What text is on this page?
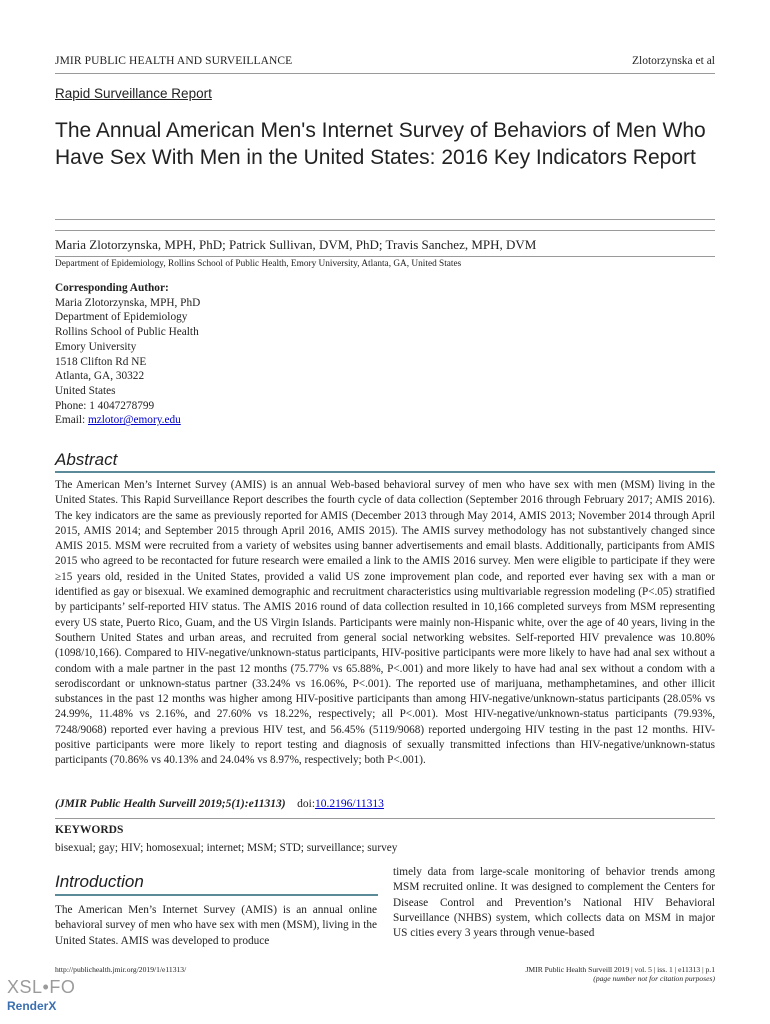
JMIR PUBLIC HEALTH AND SURVEILLANCE	Zlotorzynska et al
Rapid Surveillance Report
The Annual American Men's Internet Survey of Behaviors of Men Who Have Sex With Men in the United States: 2016 Key Indicators Report
Maria Zlotorzynska, MPH, PhD; Patrick Sullivan, DVM, PhD; Travis Sanchez, MPH, DVM
Department of Epidemiology, Rollins School of Public Health, Emory University, Atlanta, GA, United States
Corresponding Author:
Maria Zlotorzynska, MPH, PhD
Department of Epidemiology
Rollins School of Public Health
Emory University
1518 Clifton Rd NE
Atlanta, GA, 30322
United States
Phone: 1 4047278799
Email: mzlotor@emory.edu
Abstract

The American Men’s Internet Survey (AMIS) is an annual Web-based behavioral survey of men who have sex with men (MSM) living in the United States. This Rapid Surveillance Report describes the fourth cycle of data collection (September 2016 through February 2017; AMIS 2016). The key indicators are the same as previously reported for AMIS (December 2013 through May 2014, AMIS 2013; November 2014 through April 2015, AMIS 2014; and September 2015 through April 2016, AMIS 2015). The AMIS survey methodology has not substantively changed since AMIS 2015. MSM were recruited from a variety of websites using banner advertisements and email blasts. Additionally, participants from AMIS 2015 who agreed to be recontacted for future research were emailed a link to the AMIS 2016 survey. Men were eligible to participate if they were ≥15 years old, resided in the United States, provided a valid US zone improvement plan code, and reported ever having sex with a man or identified as gay or bisexual. We examined demographic and recruitment characteristics using multivariable regression modeling (P<.05) stratified by participants’ self-reported HIV status. The AMIS 2016 round of data collection resulted in 10,166 completed surveys from MSM representing every US state, Puerto Rico, Guam, and the US Virgin Islands. Participants were mainly non-Hispanic white, over the age of 40 years, living in the Southern United States and urban areas, and recruited from general social networking websites. Self-reported HIV prevalence was 10.80% (1098/10,166). Compared to HIV-negative/unknown-status participants, HIV-positive participants were more likely to have had anal sex without a condom with a male partner in the past 12 months (75.77% vs 65.88%, P<.001) and more likely to have had anal sex without a condom with a serodiscordant or unknown-status partner (33.24% vs 16.06%, P<.001). The reported use of marijuana, methamphetamines, and other illicit substances in the past 12 months was higher among HIV-positive participants than among HIV-negative/unknown-status participants (28.05% vs 24.99%, 11.48% vs 2.16%, and 27.60% vs 18.22%, respectively; all P<.001). Most HIV-negative/unknown-status participants (79.93%, 7248/9068) reported ever having a previous HIV test, and 56.45% (5119/9068) reported undergoing HIV testing in the past 12 months. HIV-positive participants were more likely to report testing and diagnosis of sexually transmitted infections than HIV-negative/unknown-status participants (70.86% vs 40.13% and 24.04% vs 8.97%, respectively; both P<.001).

(JMIR Public Health Surveill 2019;5(1):e11313) doi:10.2196/11313
KEYWORDS
bisexual; gay; HIV; homosexual; internet; MSM; STD; surveillance; survey
Introduction

The American Men’s Internet Survey (AMIS) is an annual online behavioral survey of men who have sex with men (MSM), living in the United States. AMIS was developed to produce

timely data from large-scale monitoring of behavior trends among MSM recruited online. It was designed to complement the Centers for Disease Control and Prevention’s National HIV Behavioral Surveillance (NHBS) system, which collects data on MSM in major US cities every 3 years through venue-based

http://publichealth.jmir.org/2019/1/e11313/	JMIR Public Health Surveill 2019 | vol. 5 | iss. 1 | e11313 | p.1
(page number not for citation purposes)
XSL•FO
RenderX
